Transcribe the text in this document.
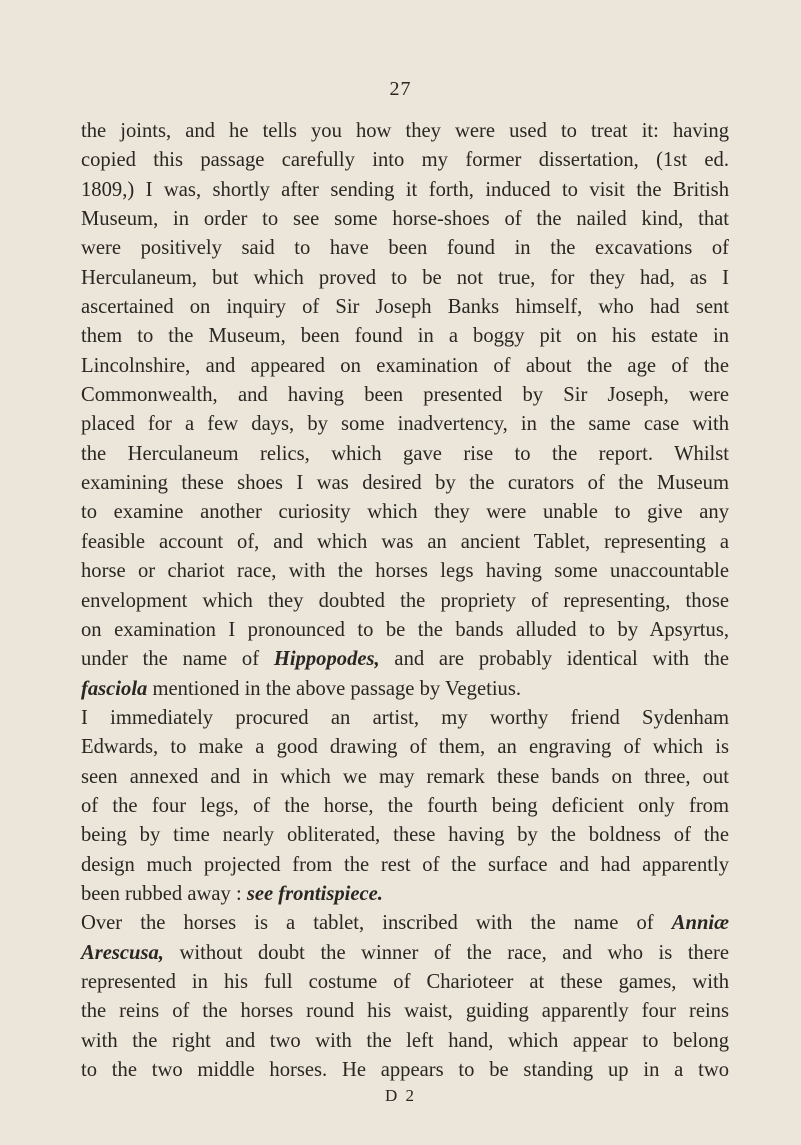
27
the joints, and he tells you how they were used to treat it: having
copied this passage carefully into my former dissertation, (1st ed.
1809,) I was, shortly after sending it forth, induced to visit the British
Museum, in order to see some horse-shoes of the nailed kind, that
were positively said to have been found in the excavations of
Herculaneum, but which proved to be not true, for they had, as I
ascertained on inquiry of Sir Joseph Banks himself, who had sent
them to the Museum, been found in a boggy pit on his estate in
Lincolnshire, and appeared on examination of about the age of the
Commonwealth, and having been presented by Sir Joseph, were
placed for a few days, by some inadvertency, in the same case with
the Herculaneum relics, which gave rise to the report. Whilst
examining these shoes I was desired by the curators of the Museum
to examine another curiosity which they were unable to give any
feasible account of, and which was an ancient Tablet, representing a
horse or chariot race, with the horses legs having some unaccountable
envelopment which they doubted the propriety of representing, those
on examination I pronounced to be the bands alluded to by Apsyrtus,
under the name of Hippopodes, and are probably identical with the
fasciola mentioned in the above passage by Vegetius.
I immediately procured an artist, my worthy friend Sydenham
Edwards, to make a good drawing of them, an engraving of which is
seen annexed and in which we may remark these bands on three, out
of the four legs, of the horse, the fourth being deficient only from
being by time nearly obliterated, these having by the boldness of the
design much projected from the rest of the surface and had apparently
been rubbed away : see frontispiece.
Over the horses is a tablet, inscribed with the name of Anniæ
Arescusa, without doubt the winner of the race, and who is there
represented in his full costume of Charioteer at these games, with
the reins of the horses round his waist, guiding apparently four reins
with the right and two with the left hand, which appear to belong
to the two middle horses. He appears to be standing up in a two
D 2
